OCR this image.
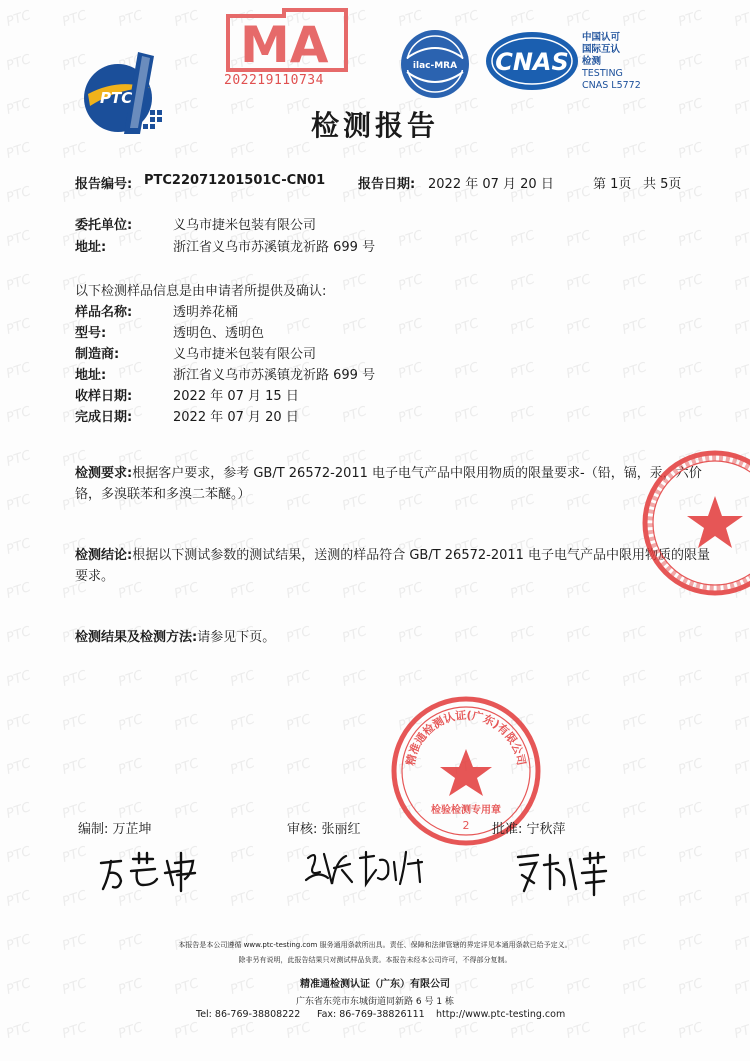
PTC
MA
202219110734
ilac-MRA CNAS
中国认可
国际互认
检测
TESTING
CNAS L5772
检测报告
报告编号: PTC22071201501C-CN01	报告日期: 2022 年 07 月 20 日	第 1页 共 5页
委托单位:	义乌市捷米包装有限公司
地址:	浙江省义乌市苏溪镇龙祈路 699 号
以下检测样品信息是由申请者所提供及确认:
样品名称:	透明养花桶
型号:	透明色、透明色
制造商:	义乌市捷米包装有限公司
地址:	浙江省义乌市苏溪镇龙祈路 699 号
收样日期:	2022 年 07 月 15 日
完成日期:	2022 年 07 月 20 日
检测要求:根据客户要求，参考 GB/T 26572-2011 电子电气产品中限用物质的限量要求-（铅，镉，汞，六价铬，多溴联苯和多溴二苯醚。）
检测结论:根据以下测试参数的测试结果，送测的样品符合 GB/T 26572-2011 电子电气产品中限用物质的限量要求。
检测结果及检测方法:请参见下页。
精准通检测认证(广东)有限公司
检验检测专用章
2
编制: 万芷坤	审核: 张丽红	批准: 宁秋萍
本报告是本公司遵循 www.ptc-testing.com 服务通用条款所出具。责任、保障和法律管辖的界定详见本通用条款已给予定义。
除非另有说明，此报告结果只对测试样品负责。本报告未经本公司许可，不得部分复制。
精准通检测认证（广东）有限公司
广东省东莞市东城街道同新路 6 号 1 栋
Tel: 86-769-38808222 Fax: 86-769-38826111 http://www.ptc-testing.com
